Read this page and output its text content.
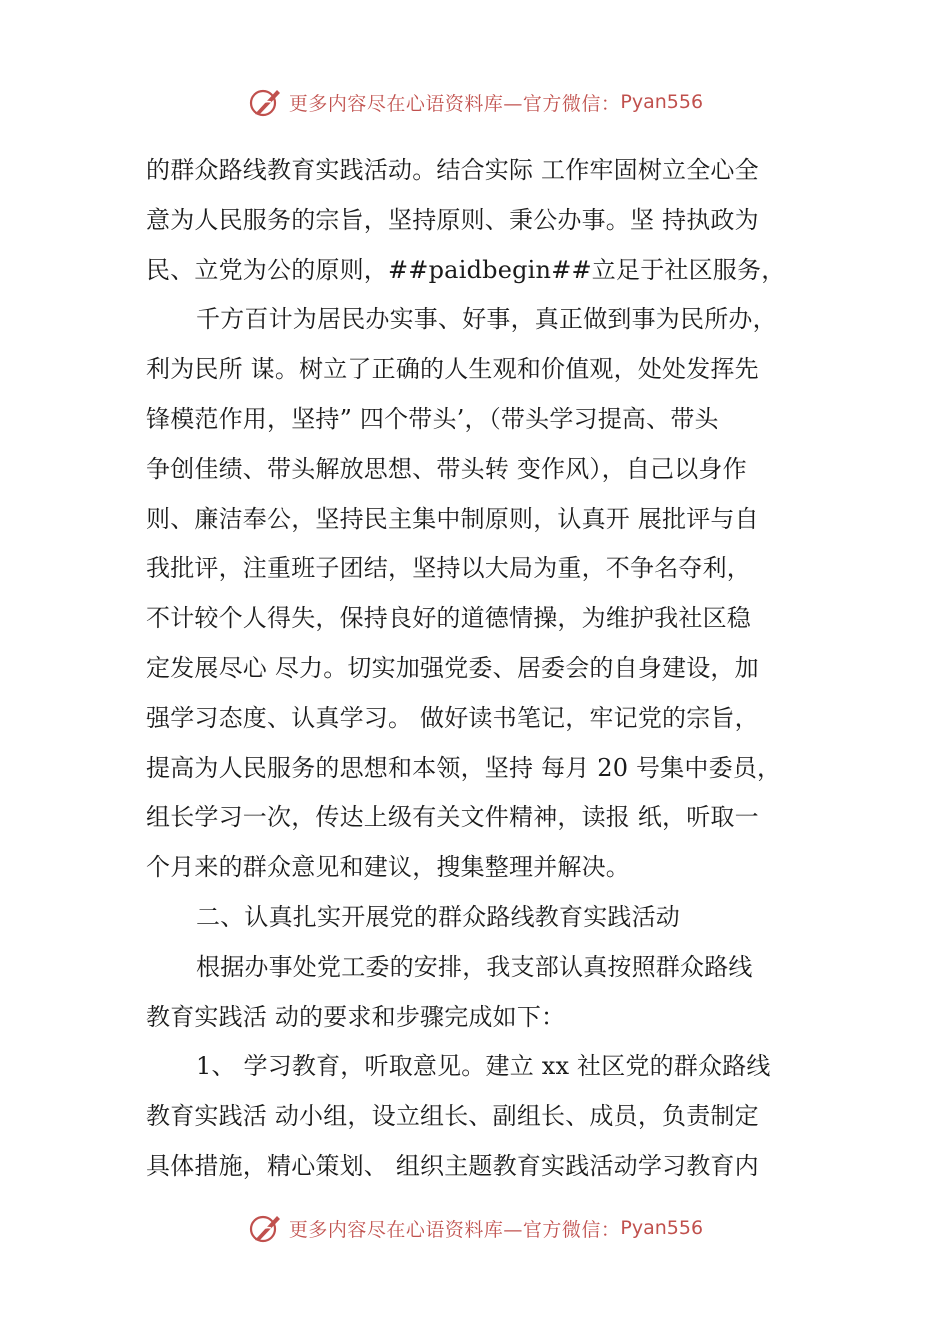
更多内容尽在心语资料库—官方微信： Pyan556
的群众路线教育实践活动。结合实际 工作牢固树立全心全
意为人民服务的宗旨，坚持原则、秉公办事。坚 持执政为
民、立党为公的原则，##paidbegin##立足于社区服务，
千方百计为居民办实事、好事，真正做到事为民所办，
利为民所 谋。树立了正确的人生观和价值观，处处发挥先
锋模范作用，坚持” 四个带头’，（带头学习提高、带头
争创佳绩、带头解放思想、带头转 变作风），自己以身作
则、廉洁奉公，坚持民主集中制原则，认真开 展批评与自
我批评，注重班子团结，坚持以大局为重，不争名夺利，
不计较个人得失，保持良好的道德情操，为维护我社区稳
定发展尽心 尽力。切实加强党委、居委会的自身建设，加
强学习态度、认真学习。 做好读书笔记，牢记党的宗旨，
提高为人民服务的思想和本领，坚持 每月 20 号集中委员，
组长学习一次，传达上级有关文件精神，读报 纸，听取一
个月来的群众意见和建议，搜集整理并解决。
二、认真扎实开展党的群众路线教育实践活动
根据办事处党工委的安排，我支部认真按照群众路线
教育实践活 动的要求和步骤完成如下：
1、 学习教育，听取意见。建立 xx 社区党的群众路线
教育实践活 动小组，设立组长、副组长、成员，负责制定
具体措施，精心策划、 组织主题教育实践活动学习教育内
更多内容尽在心语资料库—官方微信： Pyan556
